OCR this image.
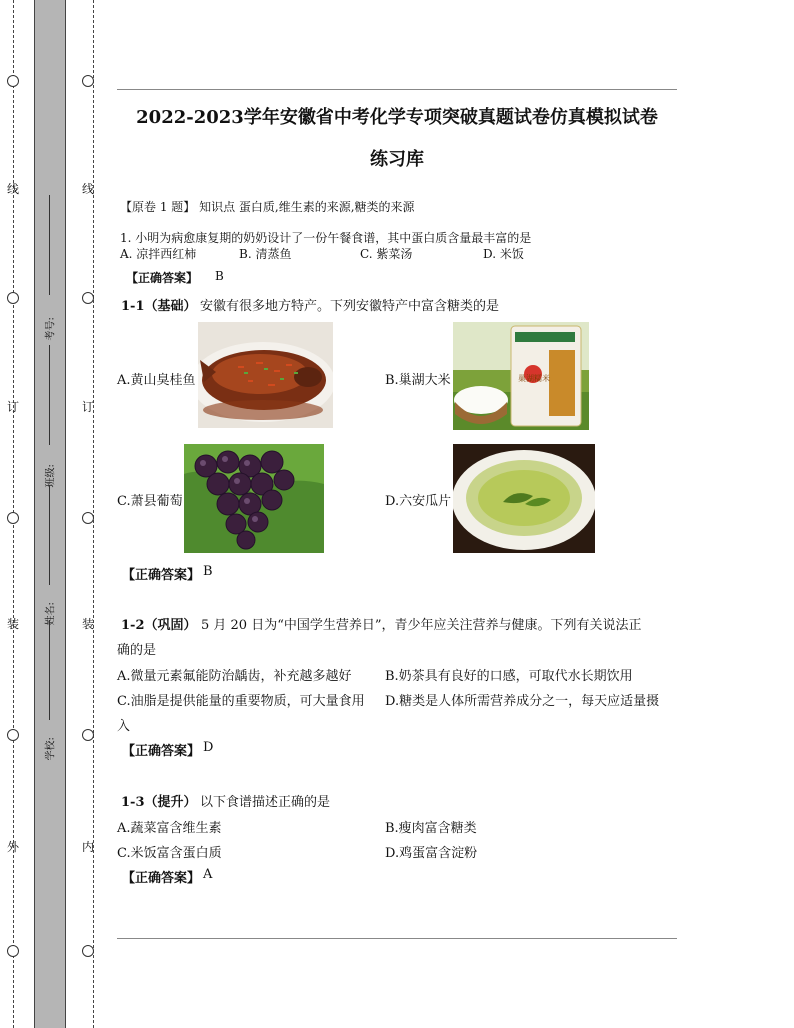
线
订
装
外
线
订
装
内
考号:
班级:
姓名:
学校:
2022-2023学年安徽省中考化学专项突破真题试卷仿真模拟试卷
练习库
【原卷 1 题】 知识点 蛋白质,维生素的来源,糖类的来源
1. 小明为病愈康复期的奶奶设计了一份午餐食谱，其中蛋白质含量最丰富的是
A. 凉拌西红柿	B. 清蒸鱼	C. 紫菜汤	D. 米饭
【正确答案】 B
1-1（基础） 安徽有很多地方特产。下列安徽特产中富含糖类的是
A.黄山臭桂鱼	B.巢湖大米	巢湖糯米
C.萧县葡萄	D.六安瓜片
【正确答案】 B
1-2（巩固） 5 月 20 日为“中国学生营养日”，青少年应关注营养与健康。下列有关说法正
确的是
A.微量元素氟能防治龋齿，补充越多越好	B.奶茶具有良好的口感，可取代水长期饮用
C.油脂是提供能量的重要物质，可大量食用 D.糖类是人体所需营养成分之一，每天应适量摄
入
【正确答案】 D
1-3（提升） 以下食谱描述正确的是
A.蔬菜富含维生素	B.瘦肉富含糖类
C.米饭富含蛋白质	D.鸡蛋富含淀粉
【正确答案】 A
